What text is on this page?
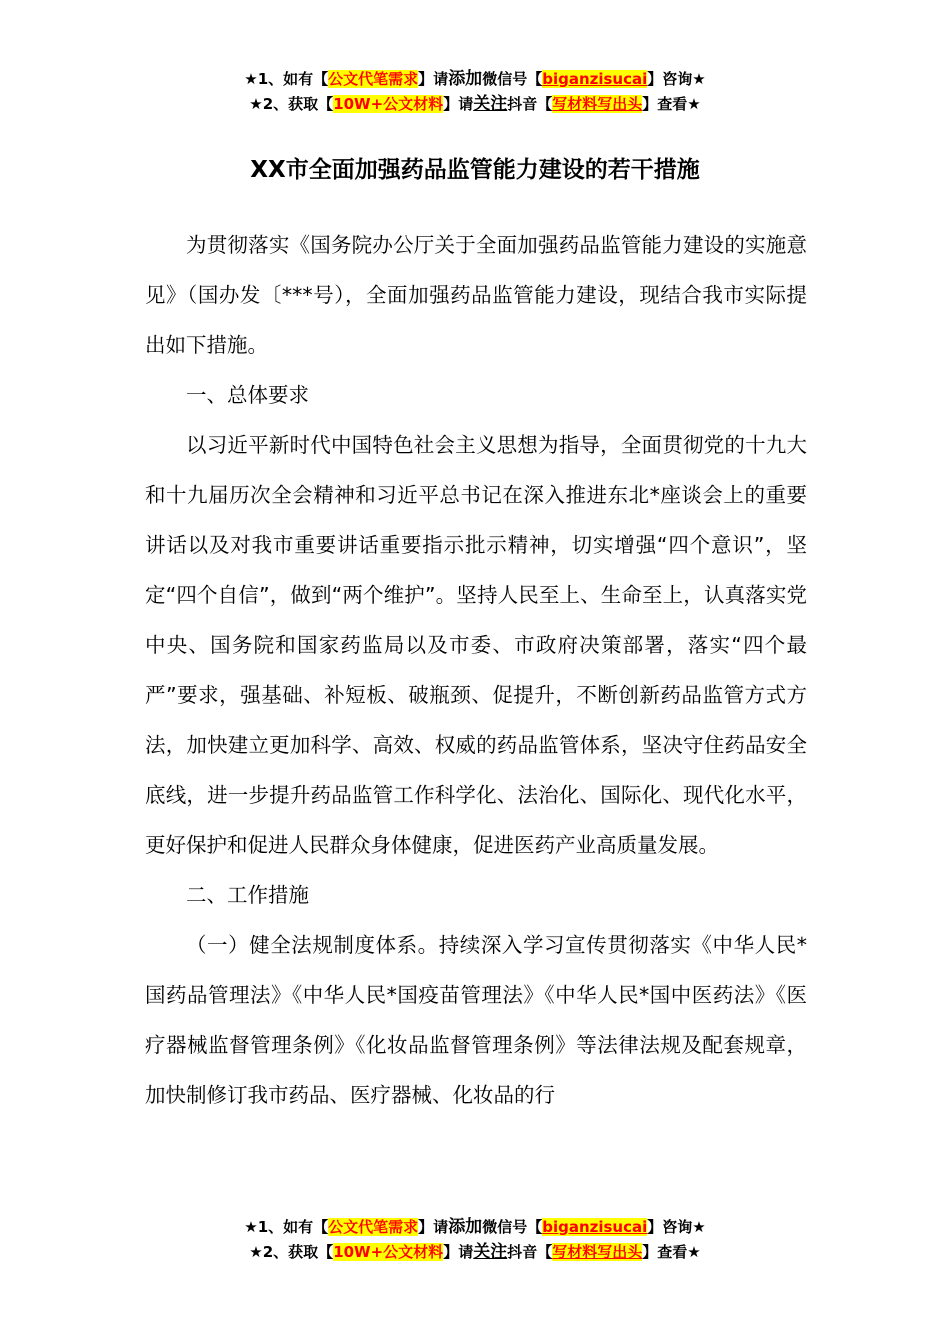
★1、如有【公文代笔需求】请添加微信号【biganzisucai】咨询★
★2、获取【10W+公文材料】请关注抖音【写材料写出头】查看★
XX市全面加强药品监管能力建设的若干措施

为贯彻落实《国务院办公厅关于全面加强药品监管能力建设的实施意见》（国办发〔***号），全面加强药品监管能力建设，现结合我市实际提出如下措施。

一、总体要求

以习近平新时代中国特色社会主义思想为指导，全面贯彻党的十九大和十九届历次全会精神和习近平总书记在深入推进东北*座谈会上的重要讲话以及对我市重要讲话重要指示批示精神，切实增强“四个意识”，坚定“四个自信”，做到“两个维护”。坚持人民至上、生命至上，认真落实党中央、国务院和国家药监局以及市委、市政府决策部署，落实“四个最严”要求，强基础、补短板、破瓶颈、促提升，不断创新药品监管方式方法，加快建立更加科学、高效、权威的药品监管体系，坚决守住药品安全底线，进一步提升药品监管工作科学化、法治化、国际化、现代化水平，更好保护和促进人民群众身体健康，促进医药产业高质量发展。

二、工作措施

（一）健全法规制度体系。持续深入学习宣传贯彻落实《中华人民*国药品管理法》《中华人民*国疫苗管理法》《中华人民*国中医药法》《医疗器械监督管理条例》《化妆品监督管理条例》等法律法规及配套规章，加快制修订我市药品、医疗器械、化妆品的行

★1、如有【公文代笔需求】请添加微信号【biganzisucai】咨询★
★2、获取【10W+公文材料】请关注抖音【写材料写出头】查看★
